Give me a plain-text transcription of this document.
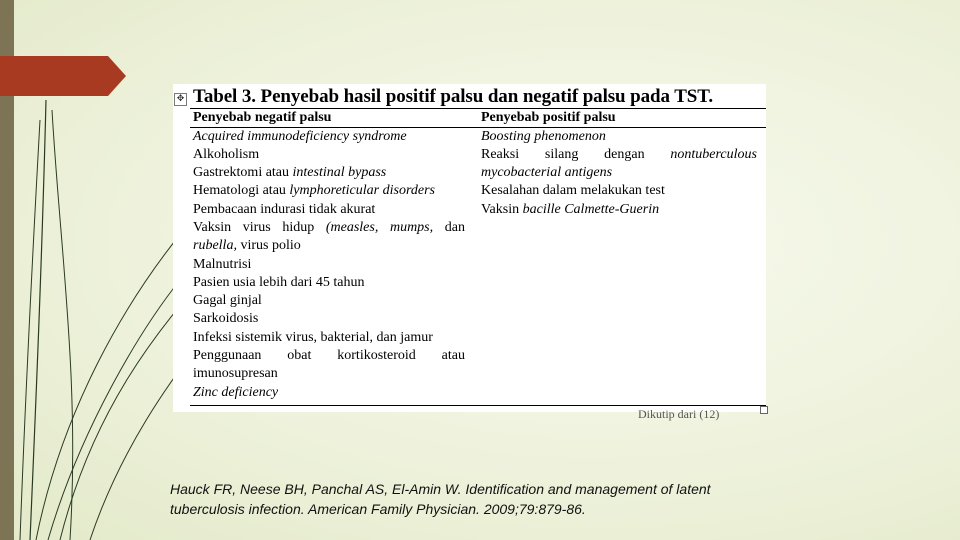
✥ Tabel 3. Penyebab hasil positif palsu dan negatif palsu pada TST.
Penyebab negatif palsu
Acquired immunodeficiency syndrome
Alkoholism
Gastrektomi atau intestinal bypass
Hematologi atau lymphoreticular disorders
Pembacaan indurasi tidak akurat
Vaksin virus hidup (measles, mumps, dan
rubella, virus polio
Malnutrisi
Pasien usia lebih dari 45 tahun
Gagal ginjal
Sarkoidosis
Infeksi sistemik virus, bakterial, dan jamur
Penggunaan obat kortikosteroid atau
imunosupresan
Zinc deficiency
Penyebab positif palsu
Boosting phenomenon
Reaksi silang dengan nontuberculous
mycobacterial antigens
Kesalahan dalam melakukan test
Vaksin bacille Calmette-Guerin
Hauck FR, Neese BH, Panchal AS, El-Amin W. Identification and management of latent
tuberculosis infection. American Family Physician. 2009;79:879-86.
